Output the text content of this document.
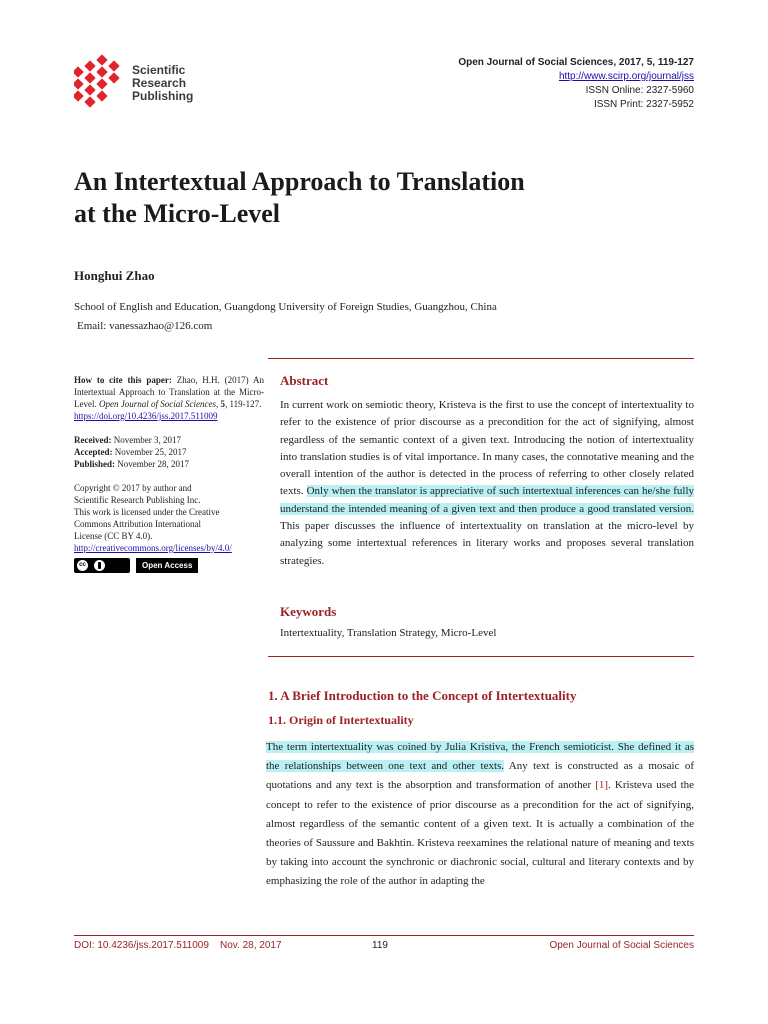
Scientific
Research
Publishing
Open Journal of Social Sciences, 2017, 5, 119-127
http://www.scirp.org/journal/jss
ISSN Online: 2327-5960
ISSN Print: 2327-5952
An Intertextual Approach to Translation
at the Micro-Level
Honghui Zhao
School of English and Education, Guangdong University of Foreign Studies, Guangzhou, China
Email: vanessazhao@126.com

How to cite this paper: Zhao, H.H. (2017) An Intertextual Approach to Translation at the Micro-Level. Open Journal of Social Sciences, 5, 119-127.
https://doi.org/10.4236/jss.2017.511009

Received: November 3, 2017
Accepted: November 25, 2017
Published: November 28, 2017

Copyright © 2017 by author and
Scientific Research Publishing Inc.
This work is licensed under the Creative
Commons Attribution International
License (CC BY 4.0).
http://creativecommons.org/licenses/by/4.0/

cc	Open Access
Abstract

In current work on semiotic theory, Kristeva is the first to use the concept of intertextuality to refer to the existence of prior discourse as a precondition for the act of signifying, almost regardless of the semantic context of a given text. Introducing the notion of intertextuality into translation studies is of vital importance. In many cases, the connotative meaning and the overall intention of the author is detected in the process of referring to other closely related texts. Only when the translator is appreciative of such intertextual inferences can he/she fully understand the intended meaning of a given text and then produce a good translated version. This paper discusses the influence of intertextuality on translation at the micro-level by analyzing some intertextual references in literary works and proposes several translation strategies.

Keywords
Intertextuality, Translation Strategy, Micro-Level
1. A Brief Introduction to the Concept of Intertextuality
1.1. Origin of Intertextuality

The term intertextuality was coined by Julia Kristiva, the French semioticist. She defined it as the relationships between one text and other texts. Any text is constructed as a mosaic of quotations and any text is the absorption and transformation of another [1]. Kristeva used the concept to refer to the existence of prior discourse as a precondition for the act of signifying, almost regardless of the semantic content of a given text. It is actually a combination of the theories of Saussure and Bakhtin. Kristeva reexamines the relational nature of meaning and texts by taking into account the synchronic or diachronic social, cultural and literary contexts and by emphasizing the role of the author in adapting the

DOI: 10.4236/jss.2017.511009    Nov. 28, 2017	119	Open Journal of Social Sciences
